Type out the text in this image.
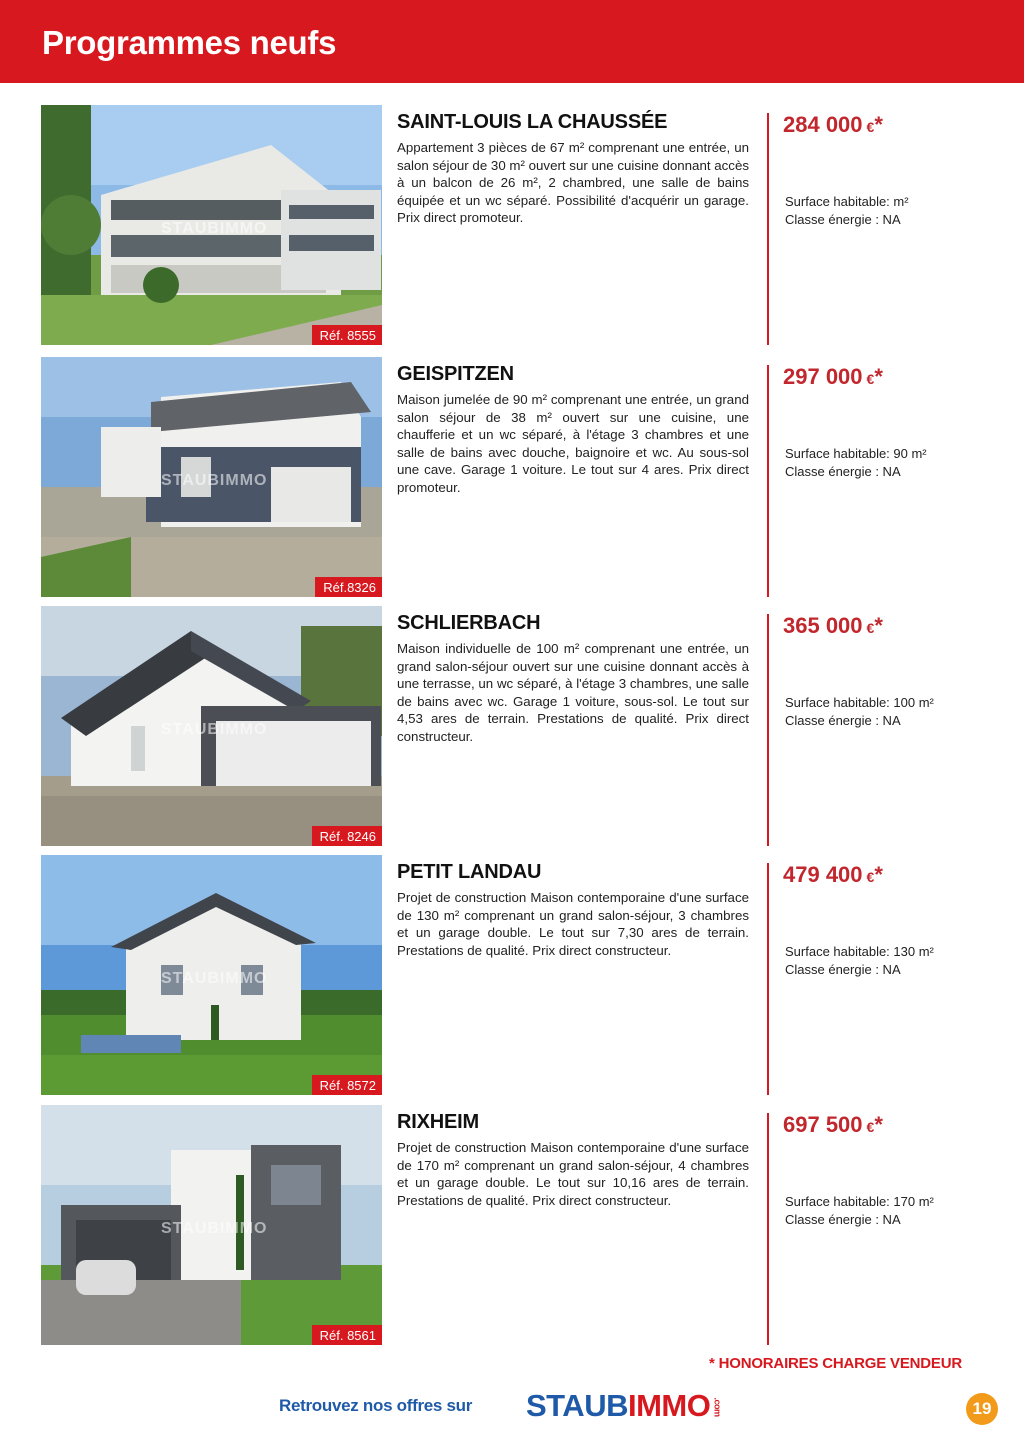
Programmes neufs
STAUBIMMO
Réf. 8555
SAINT-LOUIS LA CHAUSSÉE
Appartement 3 pièces de 67 m² comprenant une entrée, un salon séjour de 30 m² ouvert sur une cuisine donnant accès à un balcon de 26 m², 2 chambred, une salle de bains équipée et un wc séparé. Possibilité d'acquérir un garage. Prix direct promoteur.
284 000 €*
Surface habitable: m²
Classe énergie : NA
STAUBIMMO
Réf.8326
GEISPITZEN
Maison jumelée de 90 m² comprenant une entrée, un grand salon séjour de 38 m² ouvert sur une cuisine, une chaufferie et un wc séparé, à l'étage 3 chambres et une salle de bains avec douche, baignoire et wc. Au sous-sol une cave. Garage 1 voiture. Le tout sur 4 ares. Prix direct promoteur.
297 000 €*
Surface habitable: 90 m²
Classe énergie : NA
STAUBIMMO
Réf. 8246
SCHLIERBACH
Maison individuelle de 100 m² comprenant une entrée, un grand salon-séjour ouvert sur une cuisine donnant accès à une terrasse, un wc séparé, à l'étage 3 chambres, une salle de bains avec wc. Garage 1 voiture, sous-sol. Le tout sur 4,53 ares de terrain. Prestations de qualité. Prix direct constructeur.
365 000 €*
Surface habitable: 100 m²
Classe énergie : NA
STAUBIMMO
Réf. 8572
PETIT LANDAU
Projet de construction Maison contemporaine d'une surface de 130 m² comprenant un grand salon-séjour, 3 chambres et un garage double. Le tout sur 7,30 ares de terrain. Prestations de qualité. Prix direct constructeur.
479 400 €*
Surface habitable: 130 m²
Classe énergie : NA
STAUBIMMO
Réf. 8561
RIXHEIM
Projet de construction Maison contemporaine d'une surface de 170 m² comprenant un grand salon-séjour, 4 chambres et un garage double. Le tout sur 10,16 ares de terrain. Prestations de qualité. Prix direct constructeur.
697 500 €*
Surface habitable: 170 m²
Classe énergie : NA
* HONORAIRES CHARGE VENDEUR
Retrouvez nos offres sur STAUBIMMO .com	19
